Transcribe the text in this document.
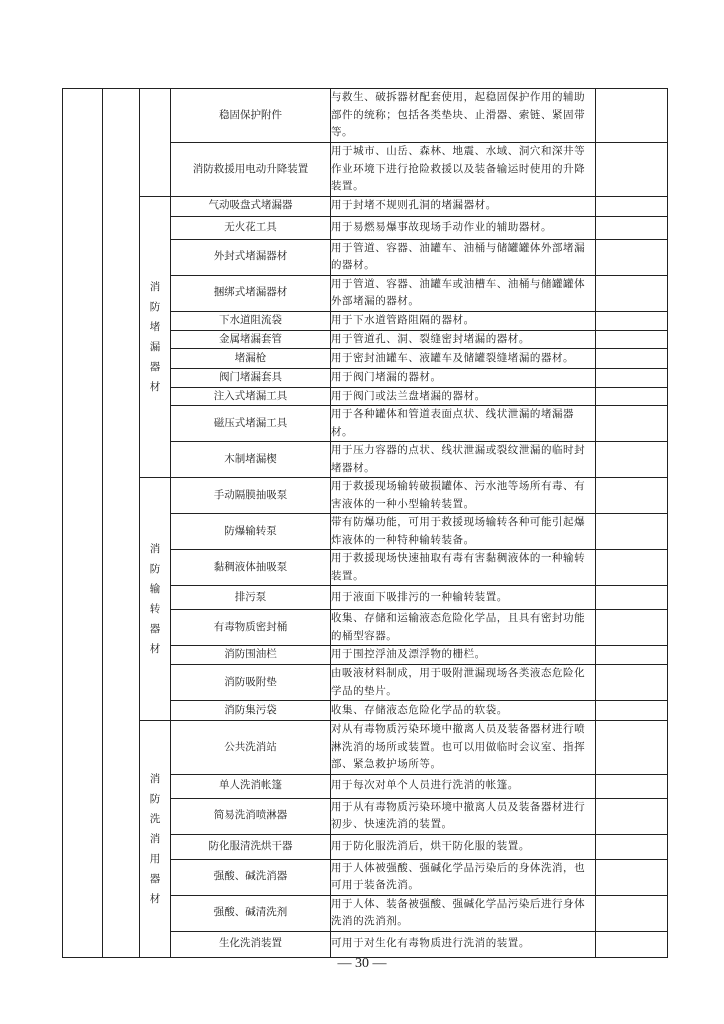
			稳固保护附件	与救生、破拆器材配套使用，起稳固保护作用的辅助部件的统称；包括各类垫块、止滑器、索链、紧固带等。	
			消防救援用电动升降装置	用于城市、山岳、森林、地震、水域、洞穴和深井等作业环境下进行抢险救援以及装备输运时使用的升降装置。	
		消防堵漏器材	气动吸盘式堵漏器	用于封堵不规则孔洞的堵漏器材。	
			无火花工具	用于易燃易爆事故现场手动作业的辅助器材。	
			外封式堵漏器材	用于管道、容器、油罐车、油桶与储罐罐体外部堵漏的器材。	
			捆绑式堵漏器材	用于管道、容器、油罐车或油槽车、油桶与储罐罐体外部堵漏的器材。	
			下水道阻流袋	用于下水道管路阻隔的器材。	
			金属堵漏套管	用于管道孔、洞、裂缝密封堵漏的器材。	
			堵漏枪	用于密封油罐车、液罐车及储罐裂缝堵漏的器材。	
			阀门堵漏套具	用于阀门堵漏的器材。	
			注入式堵漏工具	用于阀门或法兰盘堵漏的器材。	
			磁压式堵漏工具	用于各种罐体和管道表面点状、线状泄漏的堵漏器材。	
			木制堵漏楔	用于压力容器的点状、线状泄漏或裂纹泄漏的临时封堵器材。	
		消防输转器材	手动隔膜抽吸泵	用于救援现场输转破损罐体、污水池等场所有毒、有害液体的一种小型输转装置。	
			防爆输转泵	带有防爆功能，可用于救援现场输转各种可能引起爆炸液体的一种特种输转装备。	
			黏稠液体抽吸泵	用于救援现场快速抽取有毒有害黏稠液体的一种输转装置。	
			排污泵	用于液面下吸排污的一种输转装置。	
			有毒物质密封桶	收集、存储和运输液态危险化学品，且具有密封功能的桶型容器。	
			消防围油栏	用于围控浮油及漂浮物的栅栏。	
			消防吸附垫	由吸液材料制成，用于吸附泄漏现场各类液态危险化学品的垫片。	
			消防集污袋	收集、存储液态危险化学品的软袋。	
		消防洗消用器材	公共洗消站	对从有毒物质污染环境中撤离人员及装备器材进行喷淋洗消的场所或装置。也可以用做临时会议室、指挥部、紧急救护场所等。	
			单人洗消帐篷	用于每次对单个人员进行洗消的帐篷。	
			简易洗消喷淋器	用于从有毒物质污染环境中撤离人员及装备器材进行初步、快速洗消的装置。	
			防化服清洗烘干器	用于防化服洗消后，烘干防化服的装置。	
			强酸、碱洗消器	用于人体被强酸、强碱化学品污染后的身体洗消，也可用于装备洗消。	
			强酸、碱清洗剂	用于人体、装备被强酸、强碱化学品污染后进行身体洗消的洗消剂。	
			生化洗消装置	可用于对生化有毒物质进行洗消的装置。	
— 30 —
